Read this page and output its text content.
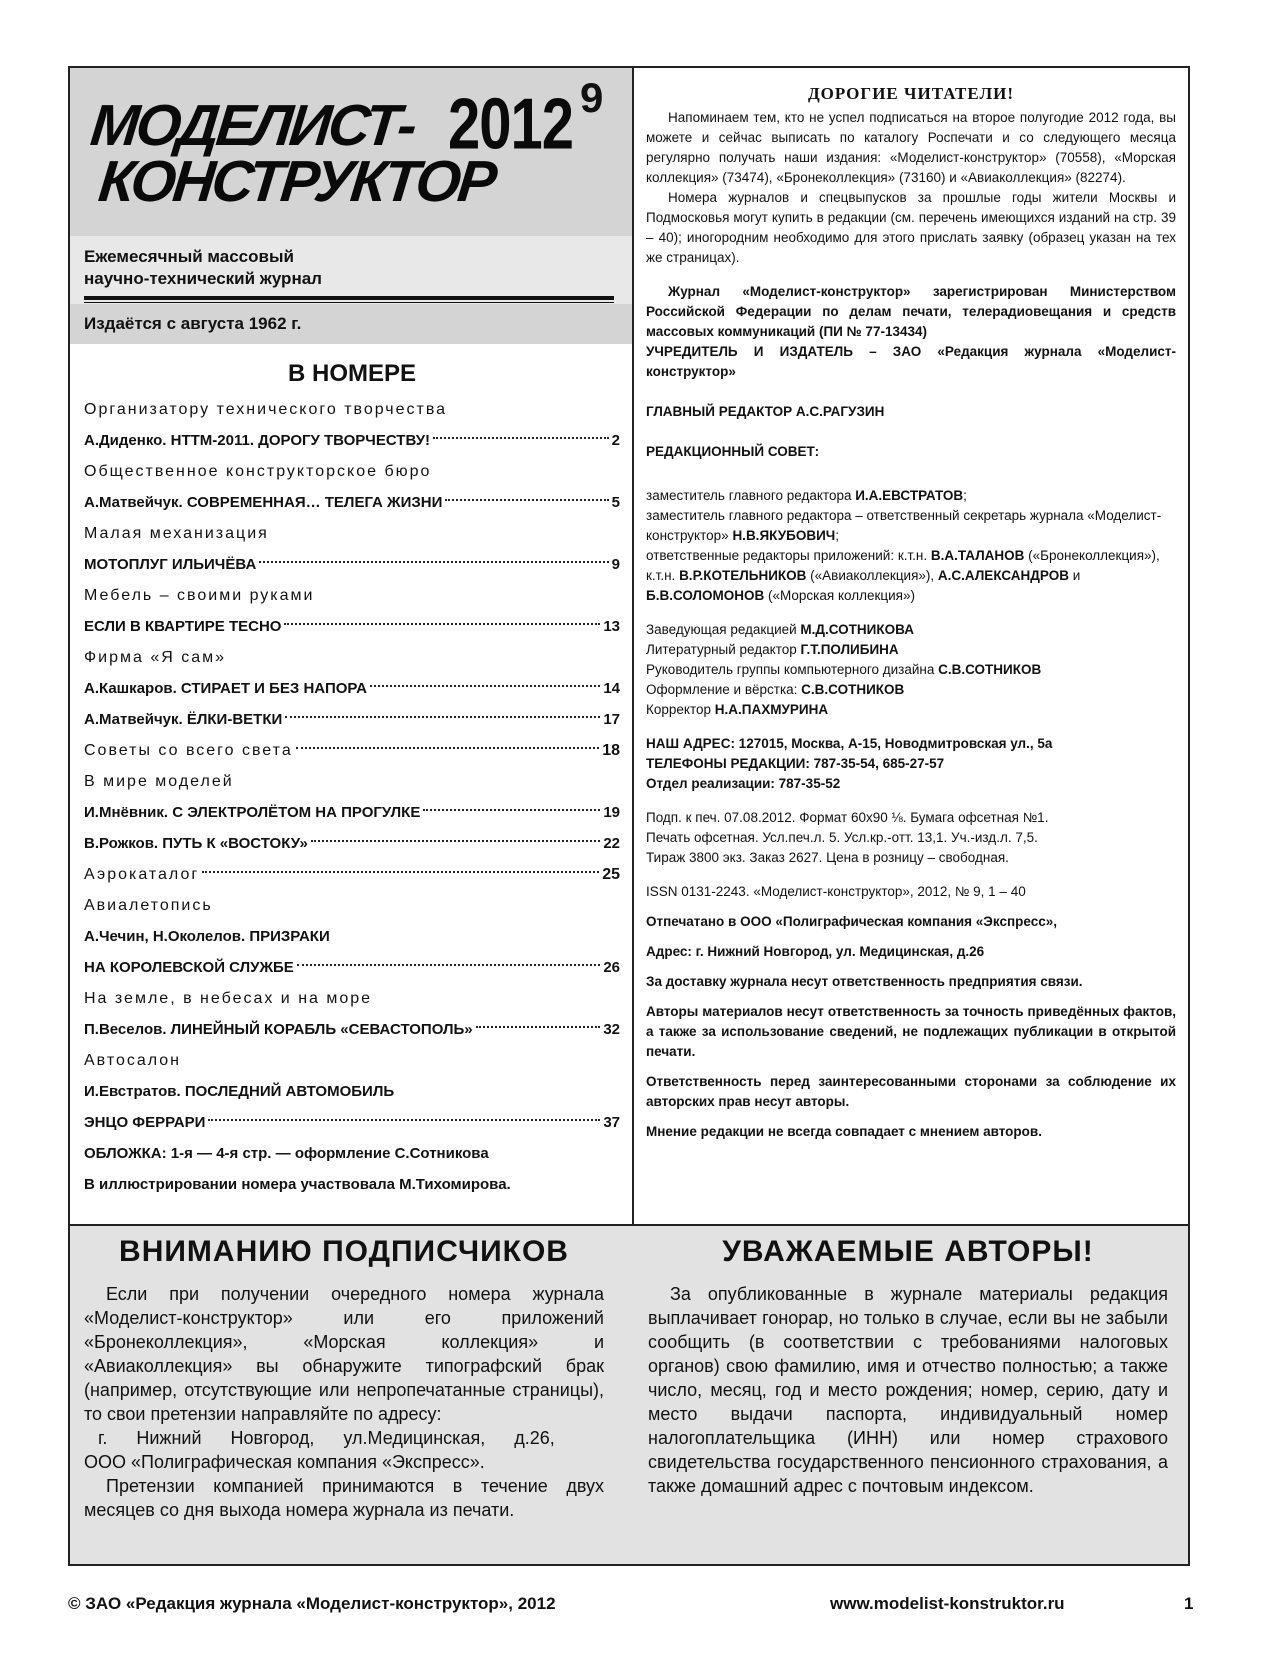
МОДЕЛИСТ-
КОНСТРУКТОР
2012 9
Ежемесячный массовый
научно-технический журнал
Издаётся с августа 1962 г.
В НОМЕРЕ
Организатору технического творчества
А.Диденко. НТТМ-2011. ДОРОГУ ТВОРЧЕСТВУ!	2
Общественное конструкторское бюро
А.Матвейчук. СОВРЕМЕННАЯ… ТЕЛЕГА ЖИЗНИ	5
Малая механизация
МОТОПЛУГ ИЛЬИЧЁВА	9
Мебель – своими руками
ЕСЛИ В КВАРТИРЕ ТЕСНО	13
Фирма «Я сам»
А.Кашкаров. СТИРАЕТ И БЕЗ НАПОРА	14
А.Матвейчук. ЁЛКИ-ВЕТКИ	17
Советы со всего света	18
В мире моделей
И.Мнёвник. С ЭЛЕКТРОЛЁТОМ НА ПРОГУЛКЕ	19
В.Рожков. ПУТЬ К «ВОСТОКУ»	22
Аэрокаталог	25
Авиалетопись
А.Чечин, Н.Околелов. ПРИЗРАКИ
НА КОРОЛЕВСКОЙ СЛУЖБЕ	26
На земле, в небесах и на море
П.Веселов. ЛИНЕЙНЫЙ КОРАБЛЬ «СЕВАСТОПОЛЬ»	32
Автосалон
И.Евстратов. ПОСЛЕДНИЙ АВТОМОБИЛЬ
ЭНЦО ФЕРРАРИ	37
ОБЛОЖКА: 1-я — 4-я стр. — оформление С.Сотникова
В иллюстрировании номера участвовала М.Тихомирова.
ДОРОГИЕ ЧИТАТЕЛИ!

Напоминаем тем, кто не успел подписаться на второе полугодие 2012 года, вы можете и сейчас выписать по каталогу Роспечати и со следующего месяца регулярно получать наши издания: «Моделист-конструктор» (70558), «Морская коллекция» (73474), «Бронеколлекция» (73160) и «Авиаколлекция» (82274).

Номера журналов и спецвыпусков за прошлые годы жители Москвы и Подмосковья могут купить в редакции (см. перечень имеющихся изданий на стр. 39 – 40); иногородним необходимо для этого прислать заявку (образец указан на тех же страницах).

Журнал «Моделист-конструктор» зарегистрирован Министерством Российской Федерации по делам печати, телерадиовещания и средств массовых коммуникаций (ПИ № 77-13434)

УЧРЕДИТЕЛЬ И ИЗДАТЕЛЬ – ЗАО «Редакция журнала «Моделист-конструктор»

ГЛАВНЫЙ РЕДАКТОР А.С.РАГУЗИН

РЕДАКЦИОННЫЙ СОВЕТ:

заместитель главного редактора И.А.ЕВСТРАТОВ;

заместитель главного редактора – ответственный секретарь журнала «Моделист-конструктор» Н.В.ЯКУБОВИЧ;

ответственные редакторы приложений: к.т.н. В.А.ТАЛАНОВ («Бронеколлекция»), к.т.н. В.Р.КОТЕЛЬНИКОВ («Авиаколлекция»), А.С.АЛЕКСАНДРОВ и Б.В.СОЛОМОНОВ («Морская коллекция»)

Заведующая редакцией М.Д.СОТНИКОВА

Литературный редактор Г.Т.ПОЛИБИНА

Руководитель группы компьютерного дизайна С.В.СОТНИКОВ

Оформление и вёрстка: С.В.СОТНИКОВ

Корректор Н.А.ПАХМУРИНА

НАШ АДРЕС: 127015, Москва, А-15, Новодмитровская ул., 5а

ТЕЛЕФОНЫ РЕДАКЦИИ: 787-35-54, 685-27-57

Отдел реализации: 787-35-52

Подп. к печ. 07.08.2012. Формат 60х90 ⅛. Бумага офсетная №1.

Печать офсетная. Усл.печ.л. 5. Усл.кр.-отт. 13,1. Уч.-изд.л. 7,5.

Тираж 3800 экз. Заказ 2627. Цена в розницу – свободная.

ISSN 0131-2243. «Моделист-конструктор», 2012, № 9, 1 – 40

Отпечатано в ООО «Полиграфическая компания «Экспресс»,

Адрес: г. Нижний Новгород, ул. Медицинская, д.26

За доставку журнала несут ответственность предприятия связи.

Авторы материалов несут ответственность за точность приведённых фактов, а также за использование сведений, не подлежащих публикации в открытой печати.

Ответственность перед заинтересованными сторонами за соблюдение их авторских прав несут авторы.

Мнение редакции не всегда совпадает с мнением авторов.

ВНИМАНИЮ ПОДПИСЧИКОВ

Если при получении очередного номера журнала «Моделист-конструктор» или его приложений «Бронеколлекция», «Морская коллекция» и «Авиаколлекция» вы обнаружите типографский брак (например, отсутствующие или непропечатанные страницы), то свои претензии направляйте по адресу:

г. Нижний Новгород, ул.Медицинская, д.26,

ООО «Полиграфическая компания «Экспресс».

Претензии компанией принимаются в течение двух месяцев со дня выхода номера журнала из печати.

УВАЖАЕМЫЕ АВТОРЫ!

За опубликованные в журнале материалы редакция выплачивает гонорар, но только в случае, если вы не забыли сообщить (в соответствии с требованиями налоговых органов) свою фамилию, имя и отчество полностью; а также число, месяц, год и место рождения; номер, серию, дату и место выдачи паспорта, индивидуальный номер налогоплательщика (ИНН) или номер страхового свидетельства государственного пенсионного страхования, а также домашний адрес с почтовым индексом.

© ЗАО «Редакция журнала «Моделист-конструктор», 2012	www.modelist-konstruktor.ru	1
